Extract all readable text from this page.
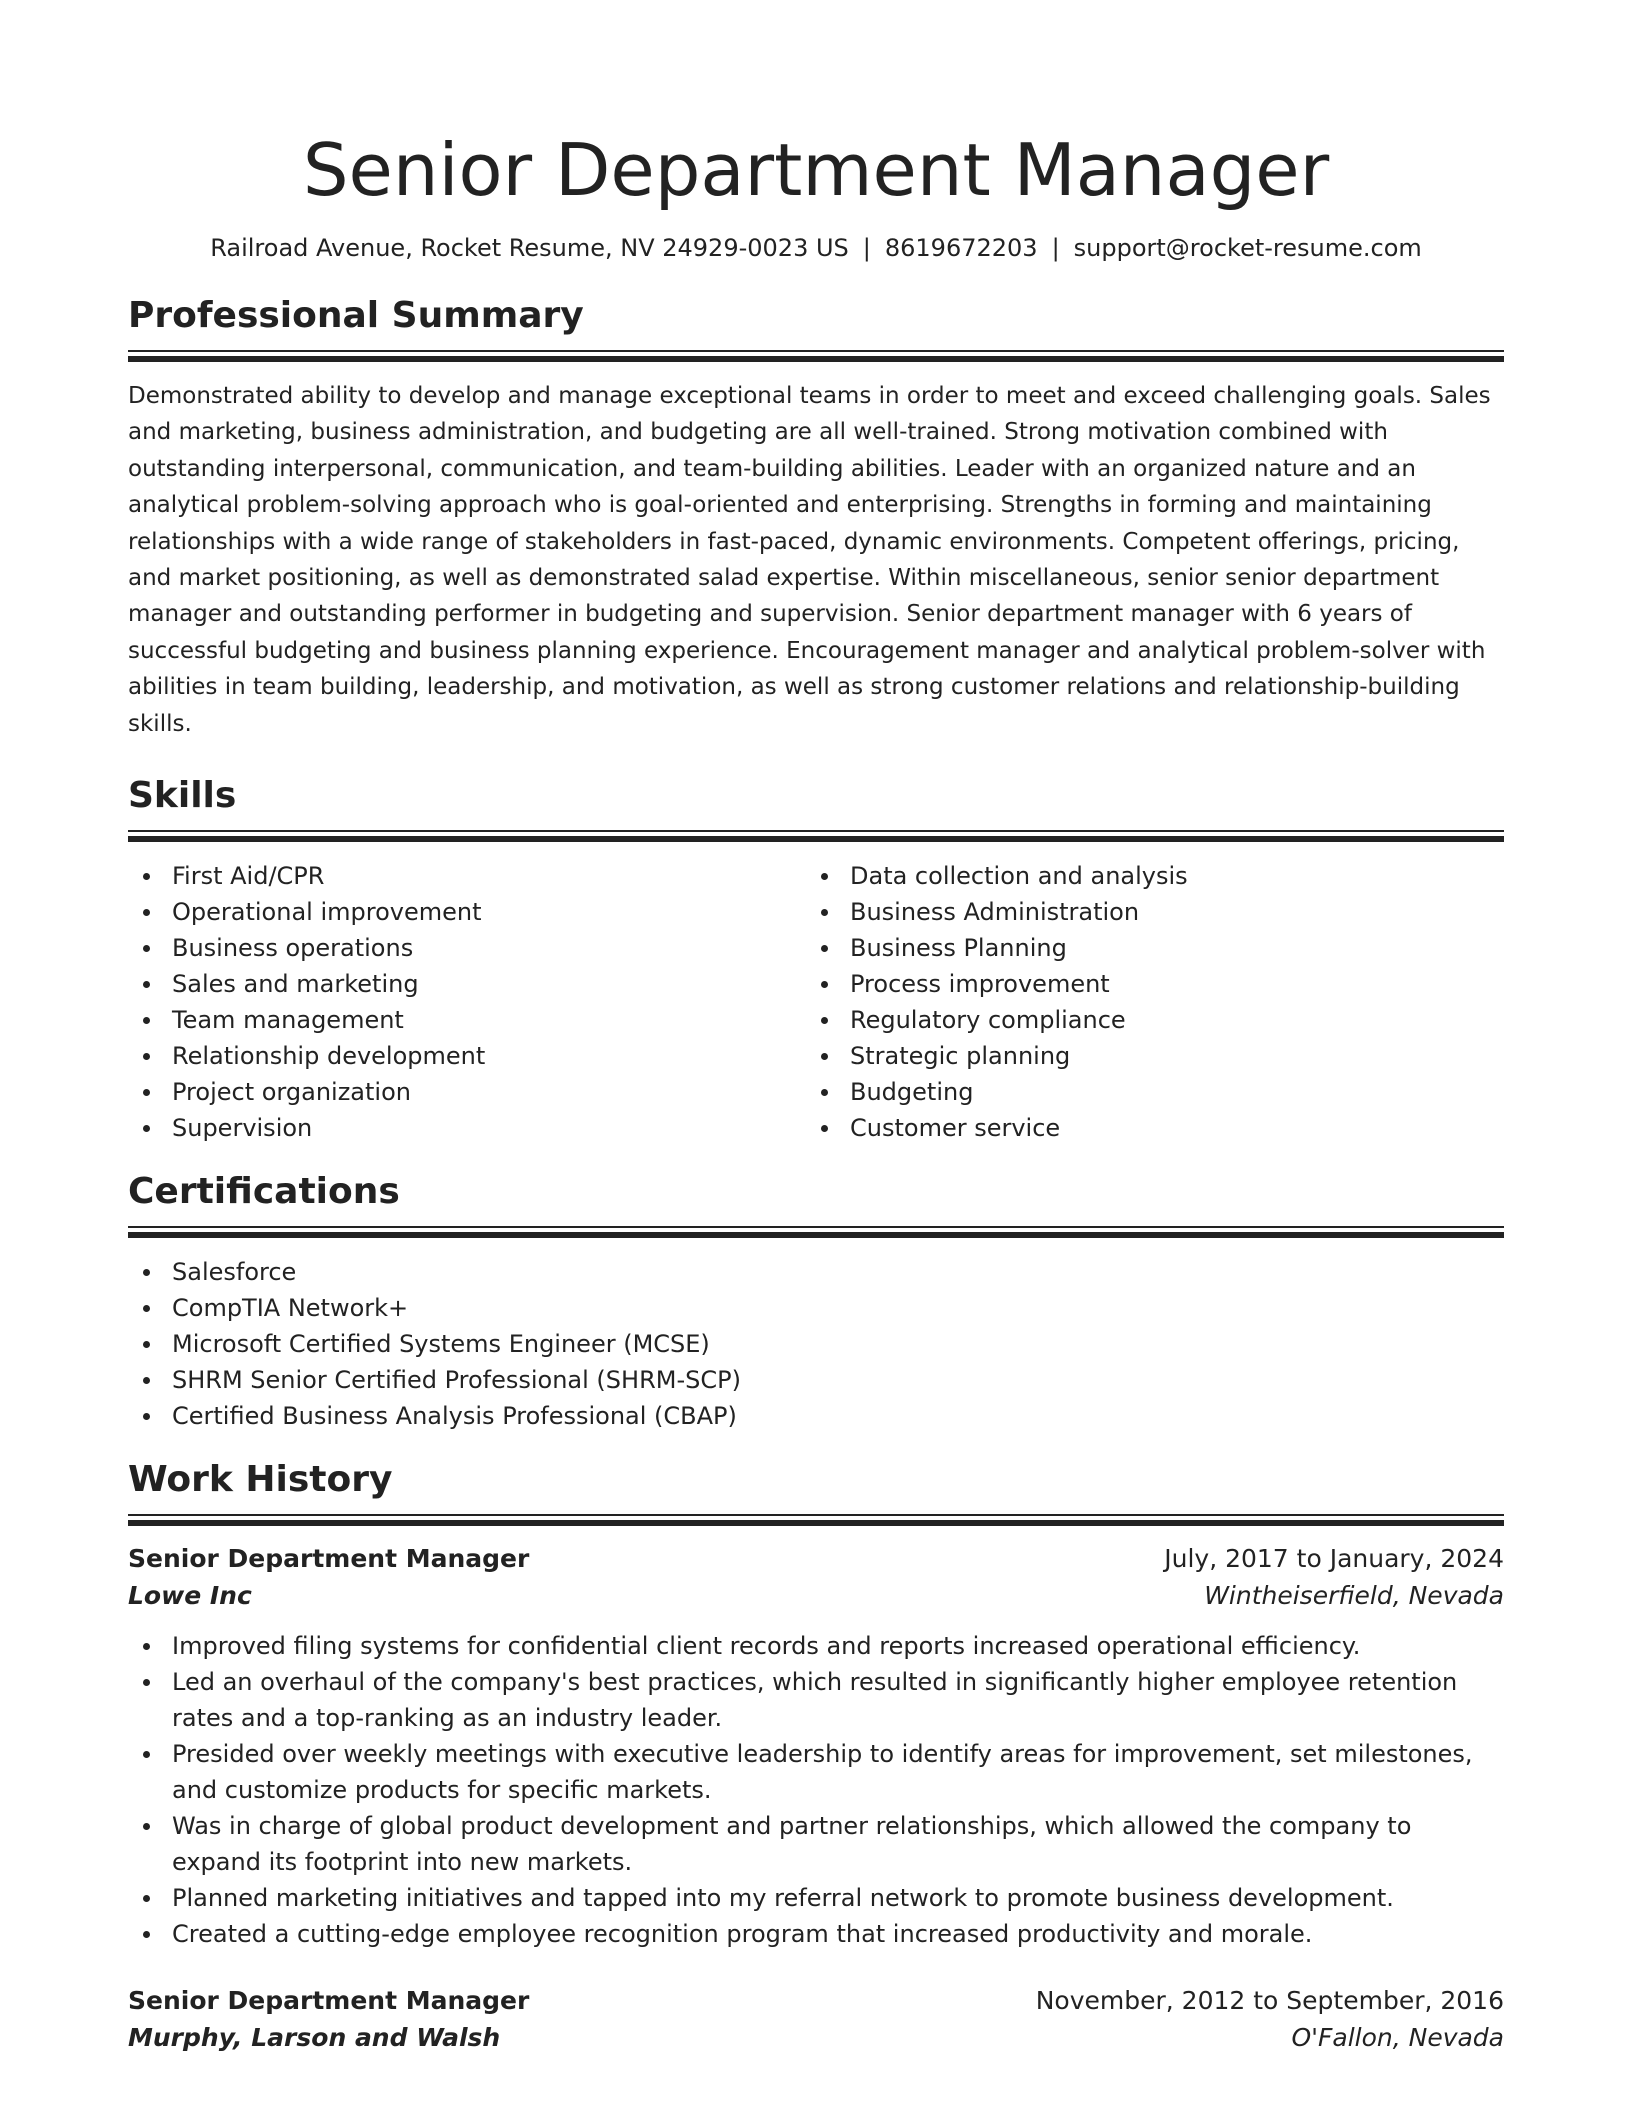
Senior Department Manager
Railroad Avenue, Rocket Resume, NV 24929-0023 US | 8619672203 | support@rocket-resume.com
Professional Summary

Demonstrated ability to develop and manage exceptional teams in order to meet and exceed challenging goals. Sales and marketing, business administration, and budgeting are all well-trained. Strong motivation combined with outstanding interpersonal, communication, and team-building abilities. Leader with an organized nature and an analytical problem-solving approach who is goal-oriented and enterprising. Strengths in forming and maintaining relationships with a wide range of stakeholders in fast-paced, dynamic environments. Competent offerings, pricing, and market positioning, as well as demonstrated salad expertise. Within miscellaneous, senior senior department manager and outstanding performer in budgeting and supervision. Senior department manager with 6 years of successful budgeting and business planning experience. Encouragement manager and analytical problem-solver with abilities in team building, leadership, and motivation, as well as strong customer relations and relationship-building skills.

Skills
First Aid/CPR
Operational improvement
Business operations
Sales and marketing
Team management
Relationship development
Project organization
Supervision
Data collection and analysis
Business Administration
Business Planning
Process improvement
Regulatory compliance
Strategic planning
Budgeting
Customer service
Certifications
Salesforce
CompTIA Network+
Microsoft Certified Systems Engineer (MCSE)
SHRM Senior Certified Professional (SHRM-SCP)
Certified Business Analysis Professional (CBAP)
Work History
Senior Department Manager	July, 2017 to January, 2024
Lowe Inc	Wintheiserfield, Nevada
Improved filing systems for confidential client records and reports increased operational efficiency.
Led an overhaul of the company's best practices, which resulted in significantly higher employee retention rates and a top-ranking as an industry leader.
Presided over weekly meetings with executive leadership to identify areas for improvement, set milestones, and customize products for specific markets.
Was in charge of global product development and partner relationships, which allowed the company to expand its footprint into new markets.
Planned marketing initiatives and tapped into my referral network to promote business development.
Created a cutting-edge employee recognition program that increased productivity and morale.
Senior Department Manager	November, 2012 to September, 2016
Murphy, Larson and Walsh	O'Fallon, Nevada
